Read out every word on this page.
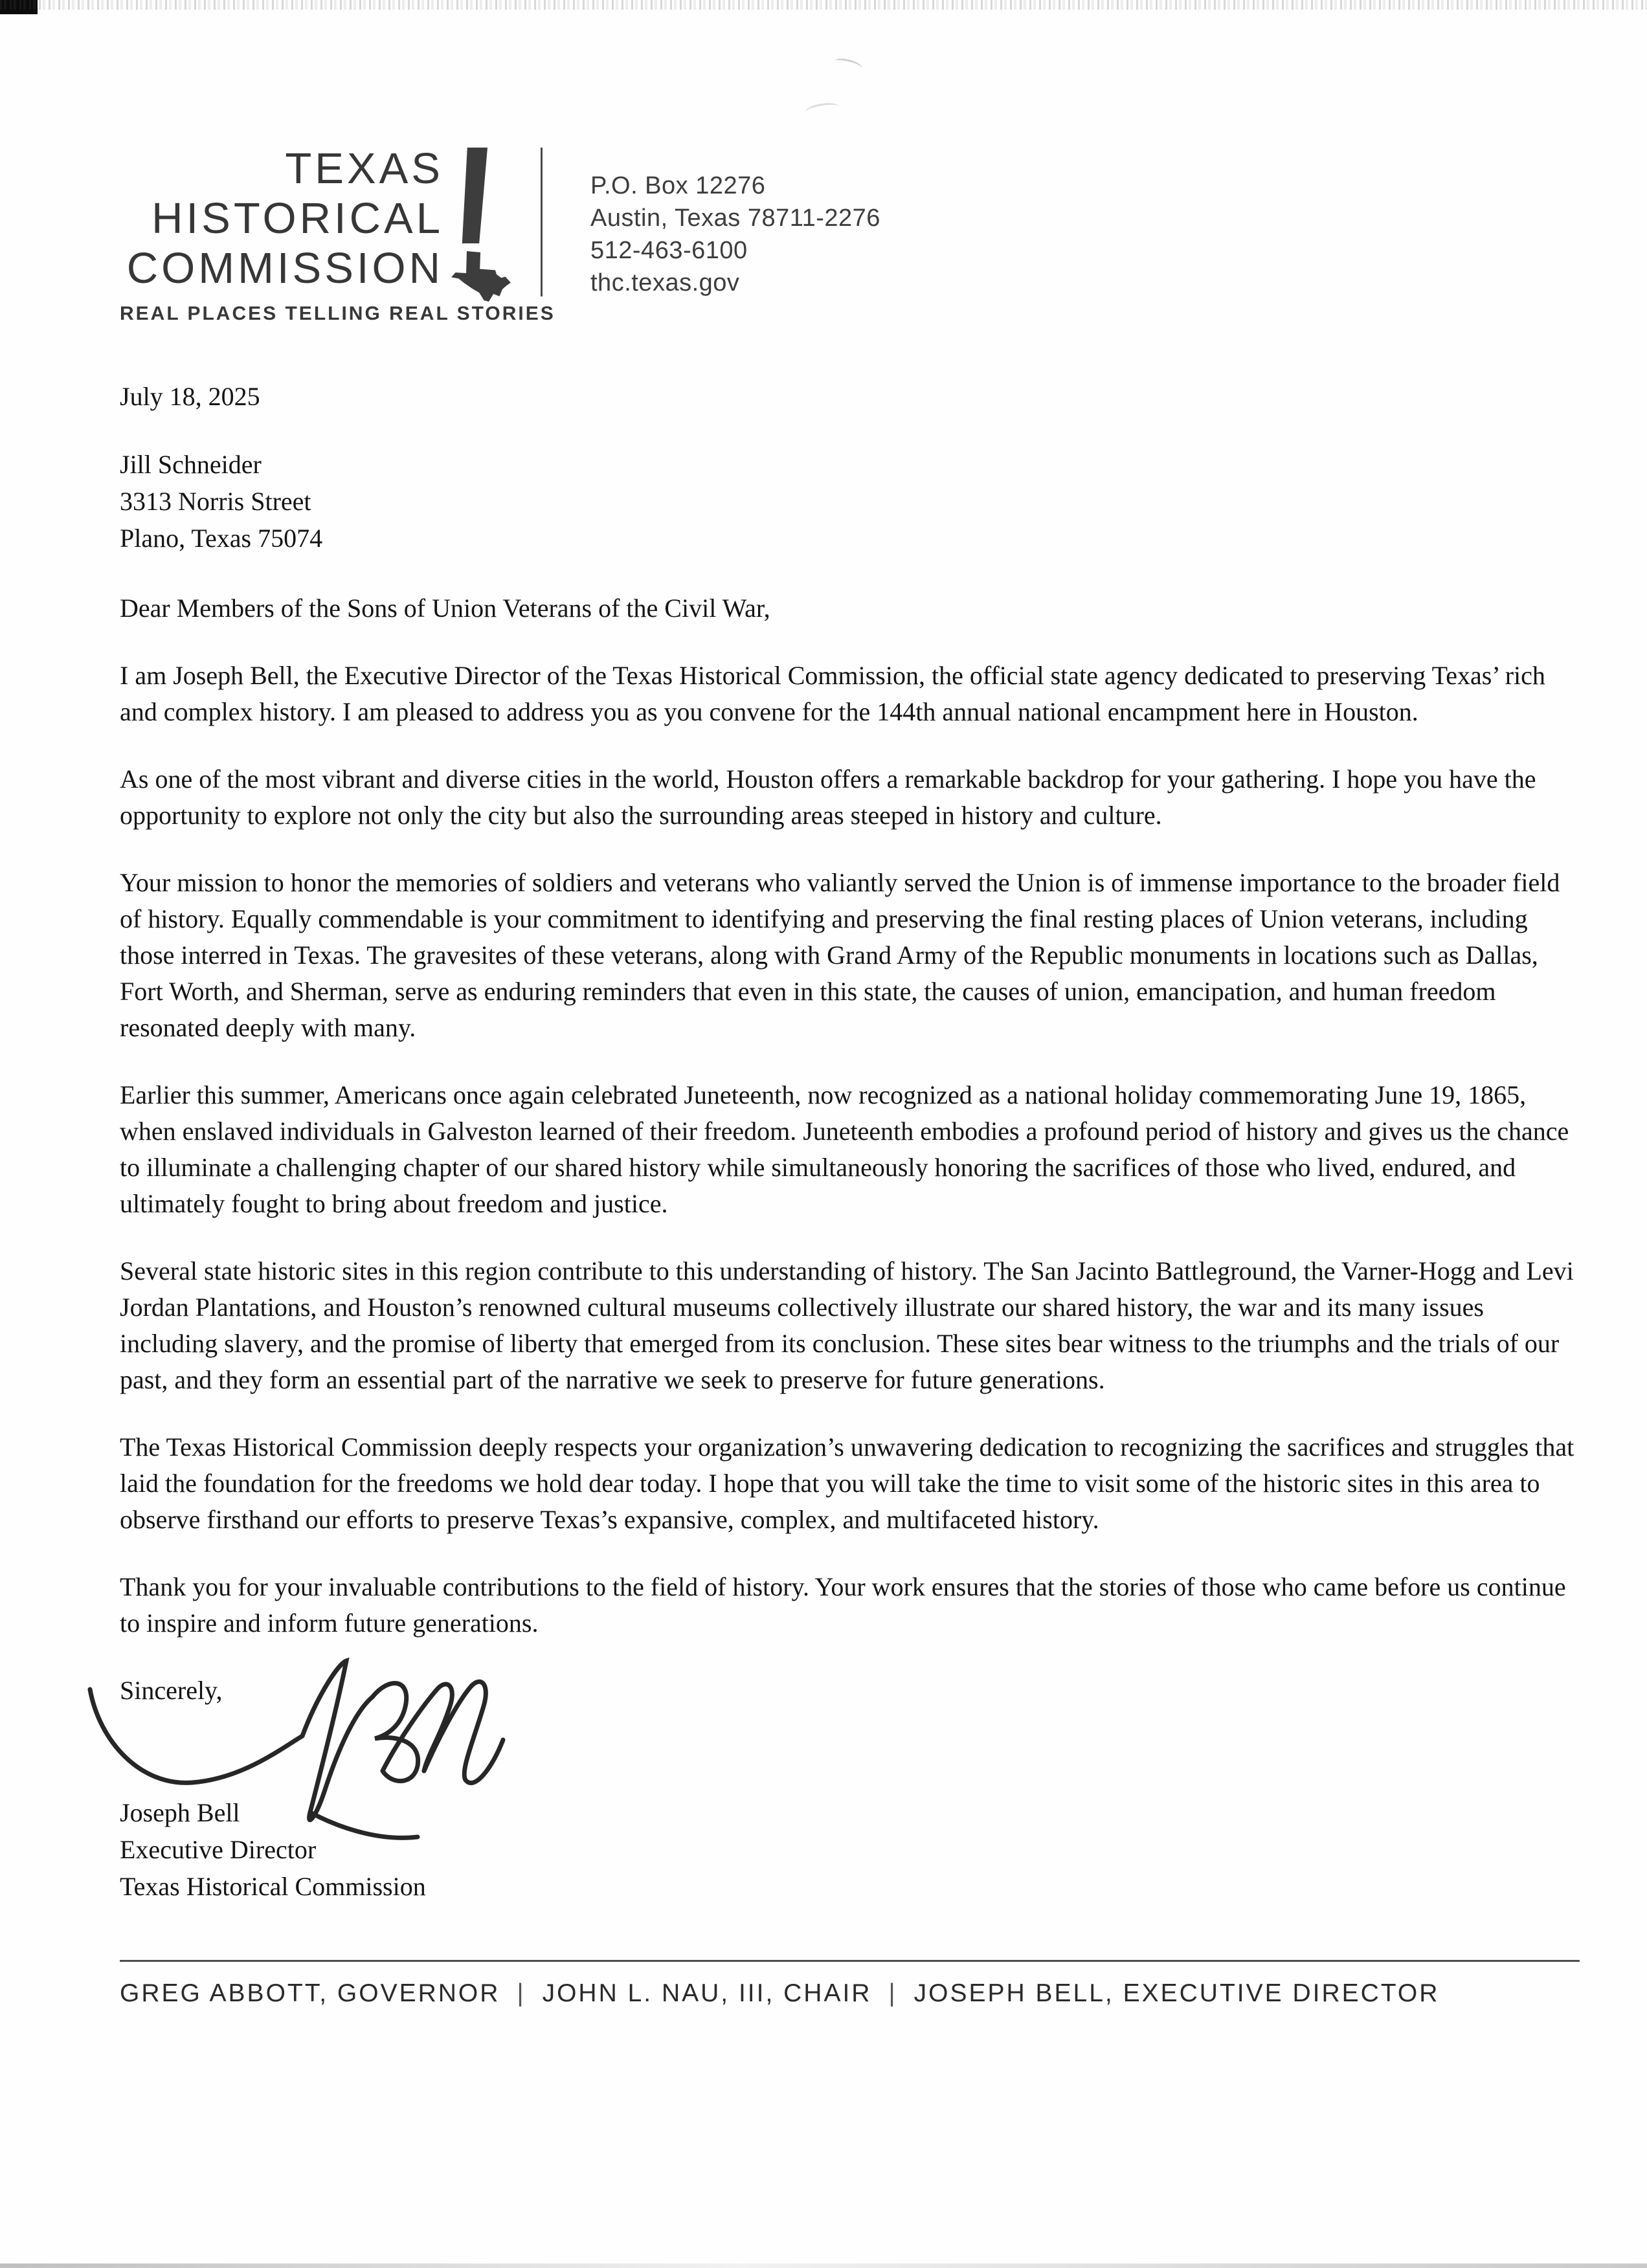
TEXAS
HISTORICAL
COMMISSION
REAL PLACES TELLING REAL STORIES
P.O. Box 12276
Austin, Texas 78711-2276
512-463-6100
thc.texas.gov
July 18, 2025
Jill Schneider
3313 Norris Street
Plano, Texas 75074
Dear Members of the Sons of Union Veterans of the Civil War,

I am Joseph Bell, the Executive Director of the Texas Historical Commission, the official state agency dedicated to preserving Texas’ rich and complex history. I am pleased to address you as you convene for the 144th annual national encampment here in Houston.

As one of the most vibrant and diverse cities in the world, Houston offers a remarkable backdrop for your gathering. I hope you have the opportunity to explore not only the city but also the surrounding areas steeped in history and culture.

Your mission to honor the memories of soldiers and veterans who valiantly served the Union is of immense importance to the broader field of history. Equally commendable is your commitment to identifying and preserving the final resting places of Union veterans, including those interred in Texas. The gravesites of these veterans, along with Grand Army of the Republic monuments in locations such as Dallas, Fort Worth, and Sherman, serve as enduring reminders that even in this state, the causes of union, emancipation, and human freedom resonated deeply with many.

Earlier this summer, Americans once again celebrated Juneteenth, now recognized as a national holiday commemorating June 19, 1865, when enslaved individuals in Galveston learned of their freedom. Juneteenth embodies a profound period of history and gives us the chance to illuminate a challenging chapter of our shared history while simultaneously honoring the sacrifices of those who lived, endured, and ultimately fought to bring about freedom and justice.

Several state historic sites in this region contribute to this understanding of history. The San Jacinto Battleground, the Varner-Hogg and Levi Jordan Plantations, and Houston’s renowned cultural museums collectively illustrate our shared history, the war and its many issues including slavery, and the promise of liberty that emerged from its conclusion. These sites bear witness to the triumphs and the trials of our past, and they form an essential part of the narrative we seek to preserve for future generations.

The Texas Historical Commission deeply respects your organization’s unwavering dedication to recognizing the sacrifices and struggles that laid the foundation for the freedoms we hold dear today. I hope that you will take the time to visit some of the historic sites in this area to observe firsthand our efforts to preserve Texas’s expansive, complex, and multifaceted history.

Thank you for your invaluable contributions to the field of history. Your work ensures that the stories of those who came before us continue to inspire and inform future generations.

Sincerely,
Joseph Bell
Executive Director
Texas Historical Commission
GREG ABBOTT, GOVERNOR | JOHN L. NAU, III, CHAIR | JOSEPH BELL, EXECUTIVE DIRECTOR
